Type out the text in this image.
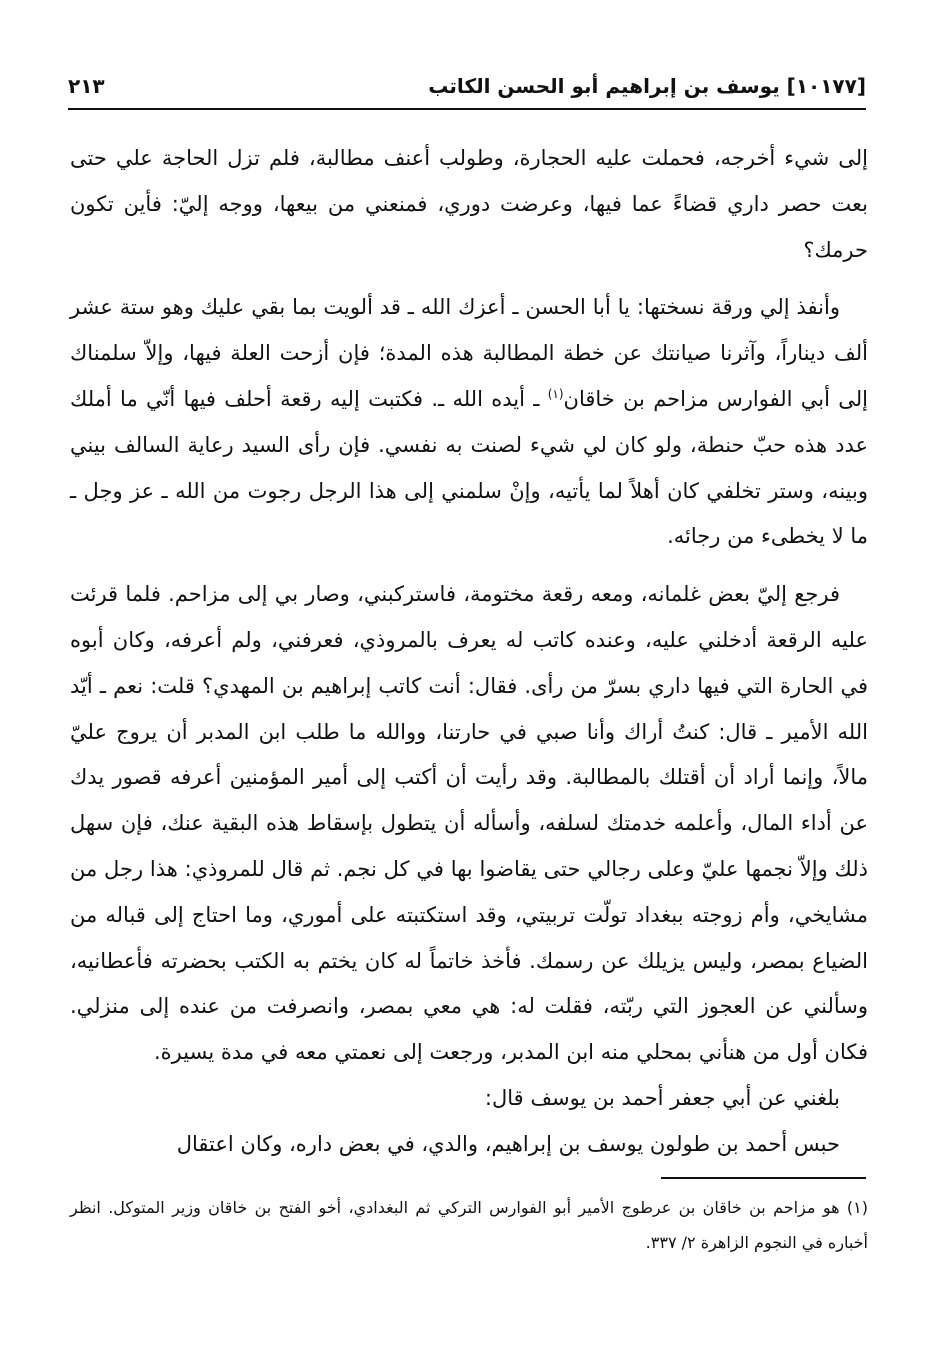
[١٠١٧٧] يوسف بن إبراهيم أبو الحسن الكاتب
٢١٣

إلى شيء أخرجه، فحملت عليه الحجارة، وطولب أعنف مطالبة، فلم تزل الحاجة علي حتى بعت حصر داري قضاءً عما فيها، وعرضت دوري، فمنعني من بيعها، ووجه إليّ: فأين تكون حرمك؟

وأنفذ إلي ورقة نسختها: يا أبا الحسن ـ أعزك الله ـ قد ألويت بما بقي عليك وهو ستة عشر ألف ديناراً، وآثرنا صيانتك عن خطة المطالبة هذه المدة؛ فإن أزحت العلة فيها، وإلاّ سلمناك إلى أبي الفوارس مزاحم بن خاقان$^{(١)}$ ـ أيده الله ـ. فكتبت إليه رقعة أحلف فيها أنّي ما أملك عدد هذه حبّ حنطة، ولو كان لي شيء لصنت به نفسي. فإن رأى السيد رعاية السالف بيني وبينه، وستر تخلفي كان أهلاً لما يأتيه، وإنْ سلمني إلى هذا الرجل رجوت من الله ـ عز وجل ـ ما لا يخطىء من رجائه.

فرجع إليّ بعض غلمانه، ومعه رقعة مختومة، فاستركبني، وصار بي إلى مزاحم. فلما قرئت عليه الرقعة أدخلني عليه، وعنده كاتب له يعرف بالمروذي، فعرفني، ولم أعرفه، وكان أبوه في الحارة التي فيها داري بسرّ من رأى. فقال: أنت كاتب إبراهيم بن المهدي؟ قلت: نعم ـ أيّد الله الأمير ـ قال: كنتُ أراك وأنا صبي في حارتنا، ووالله ما طلب ابن المدبر أن يروج عليّ مالاً، وإنما أراد أن أقتلك بالمطالبة. وقد رأيت أن أكتب إلى أمير المؤمنين أعرفه قصور يدك عن أداء المال، وأعلمه خدمتك لسلفه، وأسأله أن يتطول بإسقاط هذه البقية عنك، فإن سهل ذلك وإلاّ نجمها عليّ وعلى رجالي حتى يقاضوا بها في كل نجم. ثم قال للمروذي: هذا رجل من مشايخي، وأم زوجته ببغداد تولّت تربيتي، وقد استكتبته على أموري، وما احتاج إلى قباله من الضياع بمصر، وليس يزيلك عن رسمك. فأخذ خاتماً له كان يختم به الكتب بحضرته فأعطانيه، وسألني عن العجوز التي ربّته، فقلت له: هي معي بمصر، وانصرفت من عنده إلى منزلي. فكان أول من هنأني بمحلي منه ابن المدبر، ورجعت إلى نعمتي معه في مدة يسيرة.

بلغني عن أبي جعفر أحمد بن يوسف قال:

حبس أحمد بن طولون يوسف بن إبراهيم، والدي، في بعض داره، وكان اعتقال

(١) هو مزاحم بن خاقان بن عرطوج الأمير أبو الفوارس التركي ثم البغدادي، أخو الفتح بن خاقان وزير المتوكل. انظر أخباره في النجوم الزاهرة ٢/ ٣٣٧.
